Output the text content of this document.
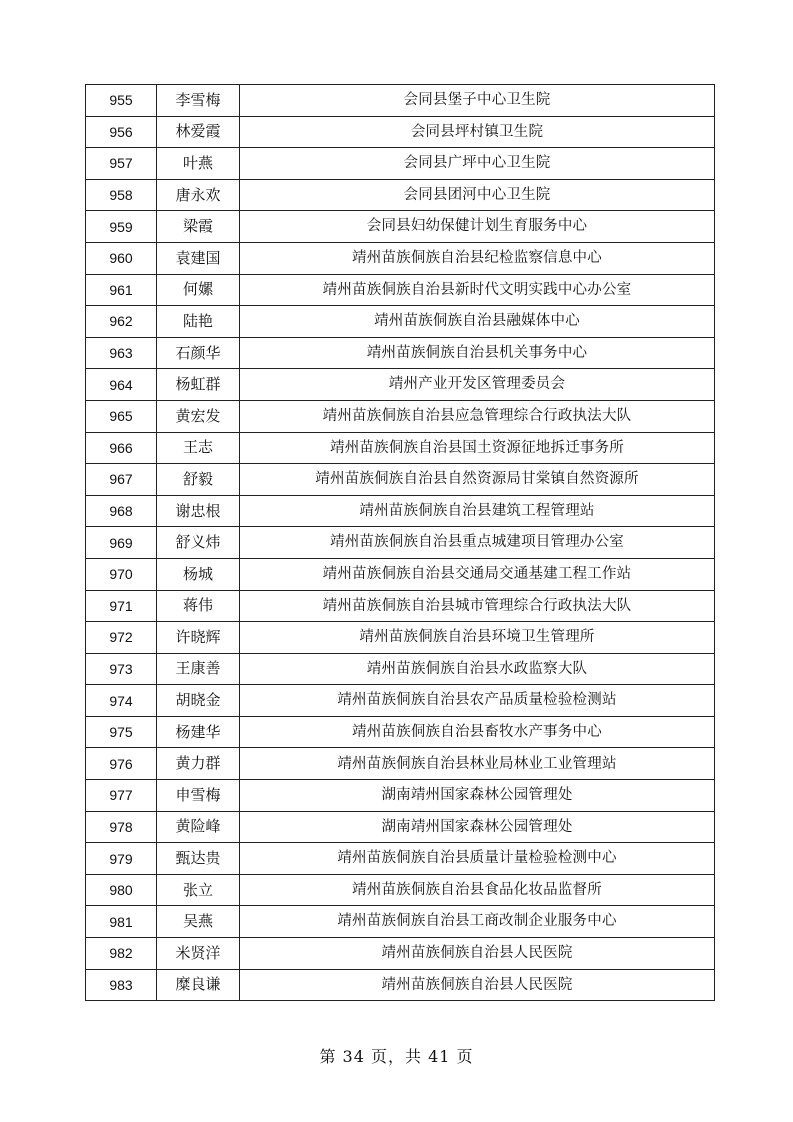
955	李雪梅	会同县堡子中心卫生院
956	林爱霞	会同县坪村镇卫生院
957	叶燕	会同县广坪中心卫生院
958	唐永欢	会同县团河中心卫生院
959	梁霞	会同县妇幼保健计划生育服务中心
960	袁建国	靖州苗族侗族自治县纪检监察信息中心
961	何嫘	靖州苗族侗族自治县新时代文明实践中心办公室
962	陆艳	靖州苗族侗族自治县融媒体中心
963	石颜华	靖州苗族侗族自治县机关事务中心
964	杨虹群	靖州产业开发区管理委员会
965	黄宏发	靖州苗族侗族自治县应急管理综合行政执法大队
966	王志	靖州苗族侗族自治县国土资源征地拆迁事务所
967	舒毅	靖州苗族侗族自治县自然资源局甘棠镇自然资源所
968	谢忠根	靖州苗族侗族自治县建筑工程管理站
969	舒义炜	靖州苗族侗族自治县重点城建项目管理办公室
970	杨城	靖州苗族侗族自治县交通局交通基建工程工作站
971	蒋伟	靖州苗族侗族自治县城市管理综合行政执法大队
972	许晓辉	靖州苗族侗族自治县环境卫生管理所
973	王康善	靖州苗族侗族自治县水政监察大队
974	胡晓金	靖州苗族侗族自治县农产品质量检验检测站
975	杨建华	靖州苗族侗族自治县畜牧水产事务中心
976	黄力群	靖州苗族侗族自治县林业局林业工业管理站
977	申雪梅	湖南靖州国家森林公园管理处
978	黄险峰	湖南靖州国家森林公园管理处
979	甄达贵	靖州苗族侗族自治县质量计量检验检测中心
980	张立	靖州苗族侗族自治县食品化妆品监督所
981	吴燕	靖州苗族侗族自治县工商改制企业服务中心
982	米贤洋	靖州苗族侗族自治县人民医院
983	糜良谦	靖州苗族侗族自治县人民医院
第 34 页，共 41 页
